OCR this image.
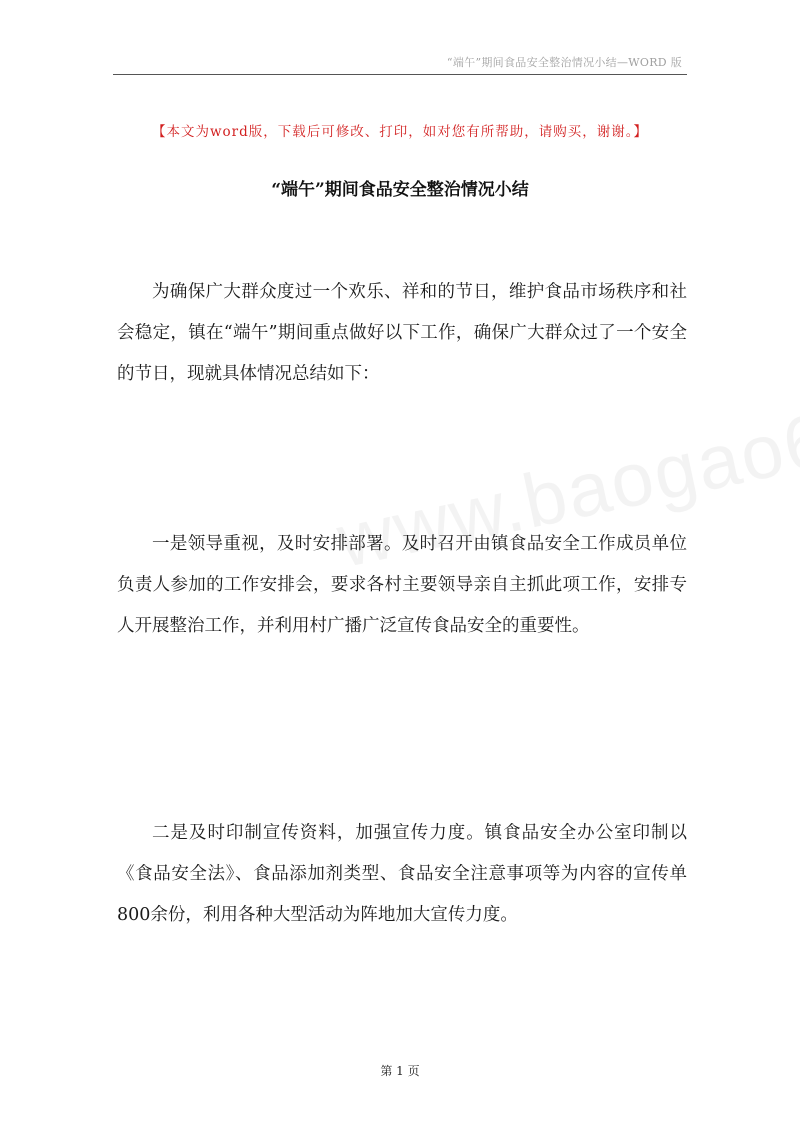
“端午”期间食品安全整治情况小结—WORD 版
【本文为word版，下载后可修改、打印，如对您有所帮助，请购买，谢谢。】
“端午”期间食品安全整治情况小结

为确保广大群众度过一个欢乐、祥和的节日，维护食品市场秩序和社会稳定，镇在“端午”期间重点做好以下工作，确保广大群众过了一个安全的节日，现就具体情况总结如下：

一是领导重视，及时安排部署。及时召开由镇食品安全工作成员单位负责人参加的工作安排会，要求各村主要领导亲自主抓此项工作，安排专人开展整治工作，并利用村广播广泛宣传食品安全的重要性。

二是及时印制宣传资料，加强宣传力度。镇食品安全办公室印制以《食品安全法》、食品添加剂类型、食品安全注意事项等为内容的宣传单800余份，利用各种大型活动为阵地加大宣传力度。

第 1 页
